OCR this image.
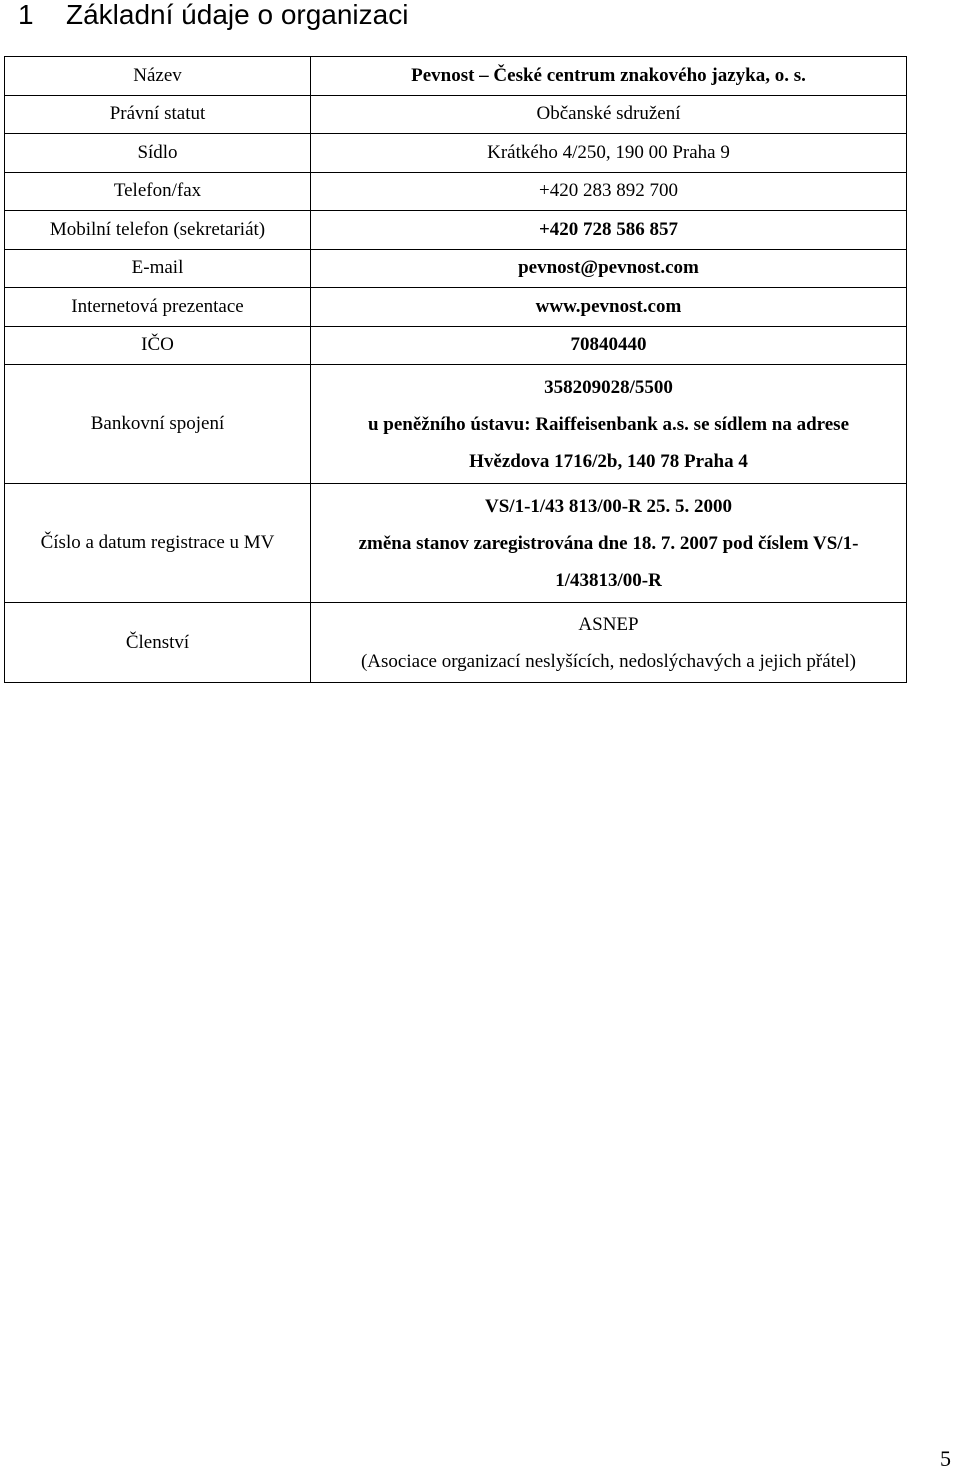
1 Základní údaje o organizaci
Název	Pevnost – České centrum znakového jazyka, o. s.
Právní statut	Občanské sdružení
Sídlo	Krátkého 4/250, 190 00 Praha 9
Telefon/fax	+420 283 892 700
Mobilní telefon (sekretariát)	+420 728 586 857
E-mail	pevnost@pevnost.com
Internetová prezentace	www.pevnost.com
IČO	70840440
Bankovní spojení	358209028/5500
u peněžního ústavu: Raiffeisenbank a.s. se sídlem na adrese
Hvězdova 1716/2b, 140 78 Praha 4

Číslo a datum registrace u MV	VS/1-1/43 813/00-R 25. 5. 2000
změna stanov zaregistrována dne 18. 7. 2007 pod číslem VS/1-
1/43813/00-R

Členství	ASNEP
(Asociace organizací neslyšících, nedoslýchavých a jejich přátel)
5
